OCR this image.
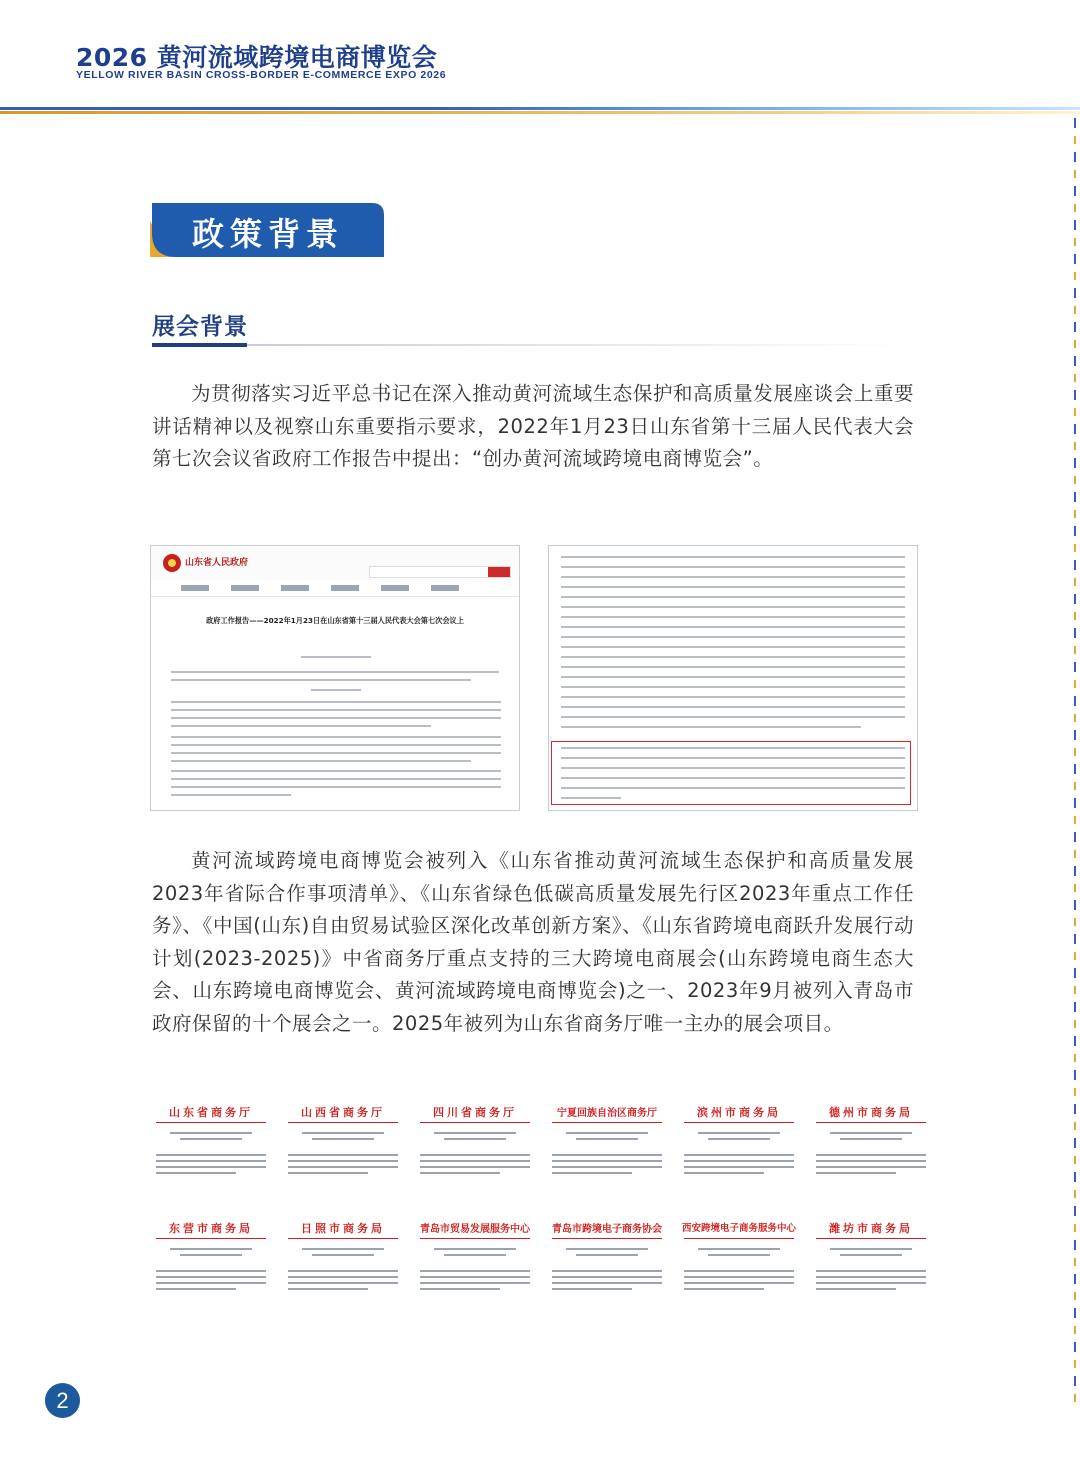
2026 黄河流域跨境电商博览会
YELLOW RIVER BASIN CROSS-BORDER E-COMMERCE EXPO 2026
政策背景
展会背景

为贯彻落实习近平总书记在深入推动黄河流域生态保护和高质量发展座谈会上重要讲话精神以及视察山东重要指示要求，2022年1月23日山东省第十三届人民代表大会第七次会议省政府工作报告中提出：“创办黄河流域跨境电商博览会”。

山东省人民政府
政府工作报告——2022年1月23日在山东省第十三届人民代表大会第七次会议上

黄河流域跨境电商博览会被列入《山东省推动黄河流域生态保护和高质量发展2023年省际合作事项清单》、《山东省绿色低碳高质量发展先行区2023年重点工作任务》、《中国(山东)自由贸易试验区深化改革创新方案》、《山东省跨境电商跃升发展行动计划(2023-2025)》中省商务厅重点支持的三大跨境电商展会(山东跨境电商生态大会、山东跨境电商博览会、黄河流域跨境电商博览会)之一、2023年9月被列入青岛市政府保留的十个展会之一。2025年被列为山东省商务厅唯一主办的展会项目。

山东省商务厅	山西省商务厅	四川省商务厅	宁夏回族自治区商务厅	滨州市商务局	德州市商务局
东营市商务局	日照市商务局	青岛市贸易发展服务中心	青岛市跨境电子商务协会	西安跨境电子商务服务中心	潍坊市商务局
2
